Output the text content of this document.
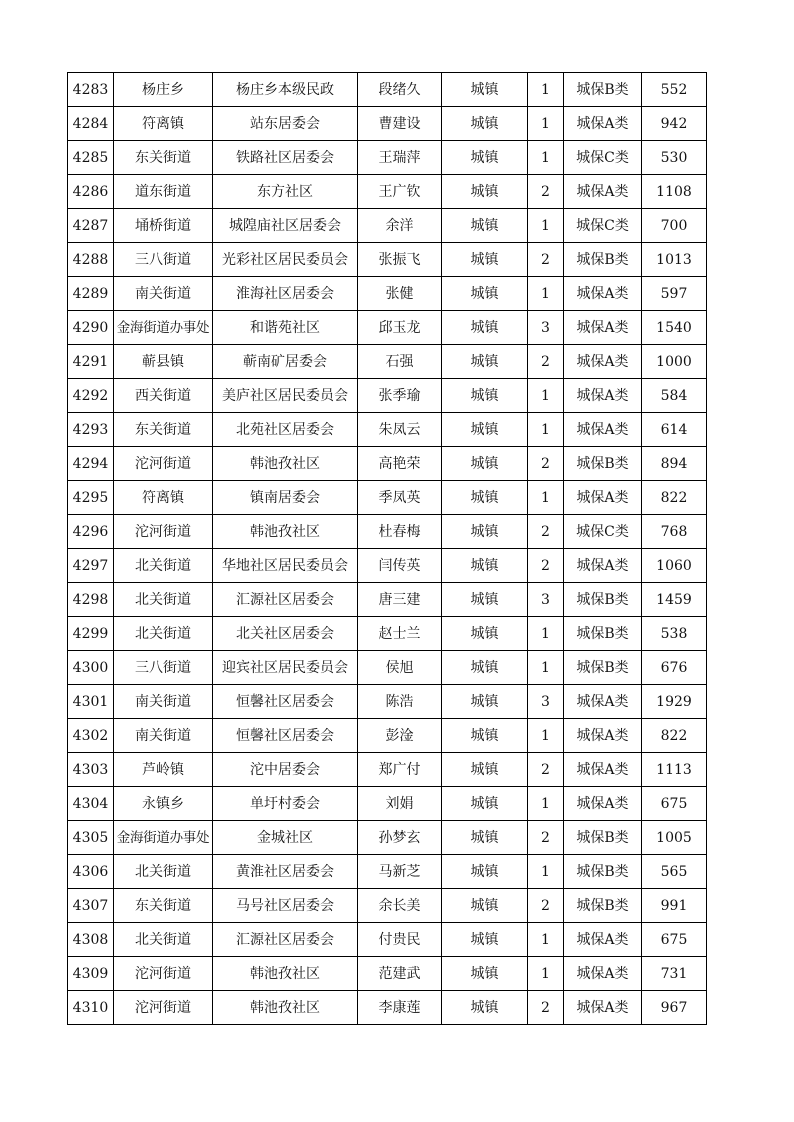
4283	杨庄乡	杨庄乡本级民政	段绪久	城镇	1	城保B类	552
4284	符离镇	站东居委会	曹建设	城镇	1	城保A类	942
4285	东关街道	铁路社区居委会	王瑞萍	城镇	1	城保C类	530
4286	道东街道	东方社区	王广钦	城镇	2	城保A类	1108
4287	埇桥街道	城隍庙社区居委会	余洋	城镇	1	城保C类	700
4288	三八街道	光彩社区居民委员会	张振飞	城镇	2	城保B类	1013
4289	南关街道	淮海社区居委会	张健	城镇	1	城保A类	597
4290	金海街道办事处	和谐苑社区	邱玉龙	城镇	3	城保A类	1540
4291	蕲县镇	蕲南矿居委会	石强	城镇	2	城保A类	1000
4292	西关街道	美庐社区居民委员会	张季瑜	城镇	1	城保A类	584
4293	东关街道	北苑社区居委会	朱凤云	城镇	1	城保A类	614
4294	沱河街道	韩池孜社区	高艳荣	城镇	2	城保B类	894
4295	符离镇	镇南居委会	季凤英	城镇	1	城保A类	822
4296	沱河街道	韩池孜社区	杜春梅	城镇	2	城保C类	768
4297	北关街道	华地社区居民委员会	闫传英	城镇	2	城保A类	1060
4298	北关街道	汇源社区居委会	唐三建	城镇	3	城保B类	1459
4299	北关街道	北关社区居委会	赵士兰	城镇	1	城保B类	538
4300	三八街道	迎宾社区居民委员会	侯旭	城镇	1	城保B类	676
4301	南关街道	恒馨社区居委会	陈浩	城镇	3	城保A类	1929
4302	南关街道	恒馨社区居委会	彭淦	城镇	1	城保A类	822
4303	芦岭镇	沱中居委会	郑广付	城镇	2	城保A类	1113
4304	永镇乡	单圩村委会	刘娟	城镇	1	城保A类	675
4305	金海街道办事处	金城社区	孙梦玄	城镇	2	城保B类	1005
4306	北关街道	黄淮社区居委会	马新芝	城镇	1	城保B类	565
4307	东关街道	马号社区居委会	余长美	城镇	2	城保B类	991
4308	北关街道	汇源社区居委会	付贵民	城镇	1	城保A类	675
4309	沱河街道	韩池孜社区	范建武	城镇	1	城保A类	731
4310	沱河街道	韩池孜社区	李康莲	城镇	2	城保A类	967
